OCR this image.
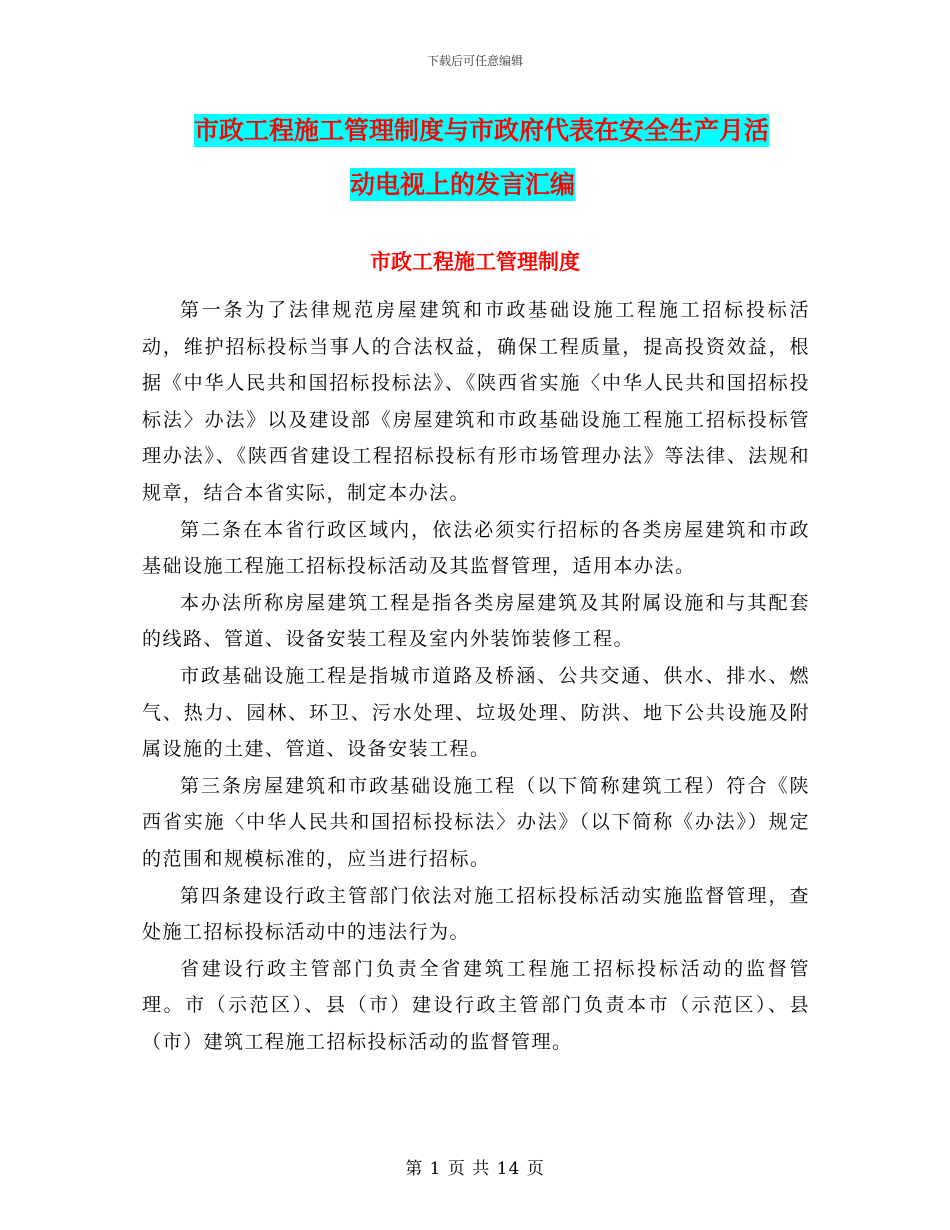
下载后可任意编辑
市政工程施工管理制度与市政府代表在安全生产月活
动电视上的发言汇编
市政工程施工管理制度

第一条为了法律规范房屋建筑和市政基础设施工程施工招标投标活动，维护招标投标当事人的合法权益，确保工程质量，提高投资效益，根据《中华人民共和国招标投标法》、《陕西省实施〈中华人民共和国招标投标法〉办法》以及建设部《房屋建筑和市政基础设施工程施工招标投标管理办法》、《陕西省建设工程招标投标有形市场管理办法》等法律、法规和规章，结合本省实际，制定本办法。

第二条在本省行政区域内，依法必须实行招标的各类房屋建筑和市政基础设施工程施工招标投标活动及其监督管理，适用本办法。

本办法所称房屋建筑工程是指各类房屋建筑及其附属设施和与其配套的线路、管道、设备安装工程及室内外装饰装修工程。

市政基础设施工程是指城市道路及桥涵、公共交通、供水、排水、燃气、热力、园林、环卫、污水处理、垃圾处理、防洪、地下公共设施及附属设施的土建、管道、设备安装工程。

第三条房屋建筑和市政基础设施工程（以下简称建筑工程）符合《陕西省实施〈中华人民共和国招标投标法〉办法》（以下简称《办法》）规定的范围和规模标准的，应当进行招标。

第四条建设行政主管部门依法对施工招标投标活动实施监督管理，查处施工招标投标活动中的违法行为。

省建设行政主管部门负责全省建筑工程施工招标投标活动的监督管理。市（示范区）、县（市）建设行政主管部门负责本市（示范区）、县（市）建筑工程施工招标投标活动的监督管理。

第 1 页 共 14 页
